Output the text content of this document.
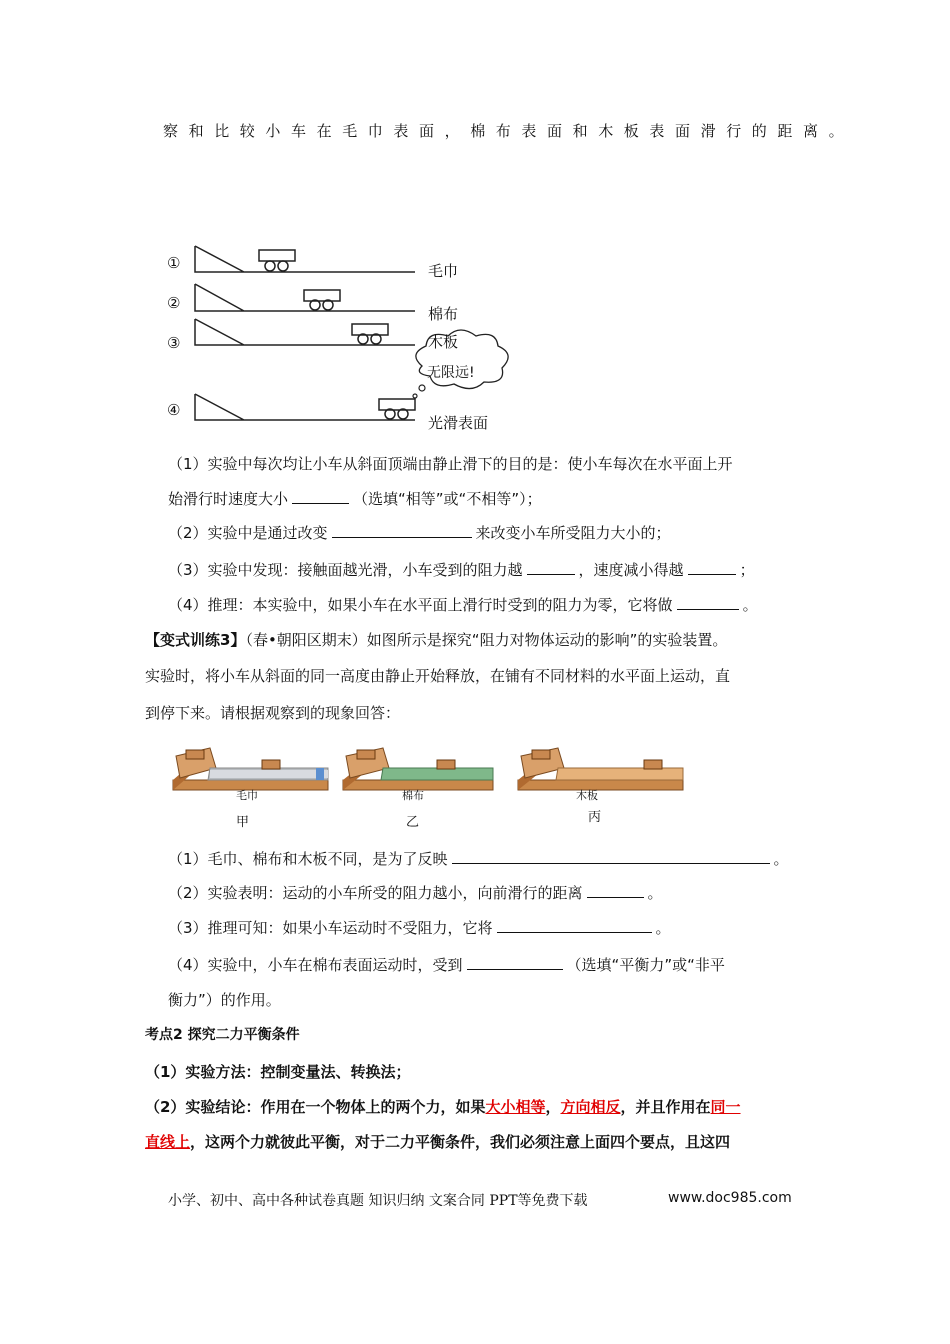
察和比较小车在毛巾表面，棉布表面和木板表面滑行的距离。
①
②
③
④
毛巾
棉布
木板
光滑表面
无限远!
（1）实验中每次均让小车从斜面顶端由静止滑下的目的是：使小车每次在水平面上开
始滑行时速度大小	（选填“相等”或“不相等”）；
（2）实验中是通过改变	来改变小车所受阻力大小的；
（3）实验中发现：接触面越光滑，小车受到的阻力越	，速度减小得越	；
（4）推理：本实验中，如果小车在水平面上滑行时受到的阻力为零，它将做	。
【变式训练3】（春•朝阳区期末）如图所示是探究“阻力对物体运动的影响”的实验装置。
实验时，将小车从斜面的同一高度由静止开始释放，在铺有不同材料的水平面上运动，直
到停下来。请根据观察到的现象回答：
毛巾	棉布	木板
甲	乙	丙
（1）毛巾、棉布和木板不同，是为了反映	。
（2）实验表明：运动的小车所受的阻力越小，向前滑行的距离	。
（3）推理可知：如果小车运动时不受阻力，它将	。
（4）实验中，小车在棉布表面运动时，受到	（选填“平衡力”或“非平
衡力”）的作用。
考点2 探究二力平衡条件
（1）实验方法：控制变量法、转换法；
（2）实验结论：作用在一个物体上的两个力，如果大小相等，方向相反，并且作用在同一
直线上，这两个力就彼此平衡，对于二力平衡条件，我们必须注意上面四个要点，且这四
小学、初中、高中各种试卷真题 知识归纳 文案合同 PPT等免费下载	www.doc985.com
